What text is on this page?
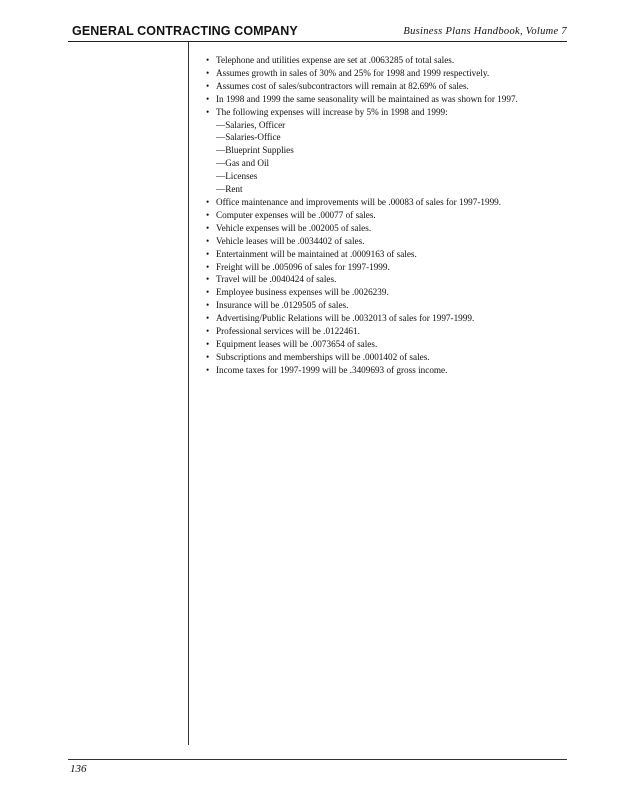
GENERAL CONTRACTING COMPANY	Business Plans Handbook, Volume 7
• Telephone and utilities expense are set at .0063285 of total sales.
• Assumes growth in sales of 30% and 25% for 1998 and 1999 respectively.
• Assumes cost of sales/subcontractors will remain at 82.69% of sales.
• In 1998 and 1999 the same seasonality will be maintained as was shown for 1997.
• The following expenses will increase by 5% in 1998 and 1999:
—Salaries, Officer
—Salaries-Office
—Blueprint Supplies
—Gas and Oil
—Licenses
—Rent
• Office maintenance and improvements will be .00083 of sales for 1997-1999.
• Computer expenses will be .00077 of sales.
• Vehicle expenses will be .002005 of sales.
• Vehicle leases will be .0034402 of sales.
• Entertainment will be maintained at .0009163 of sales.
• Freight will be .005096 of sales for 1997-1999.
• Travel will be .0040424 of sales.
• Employee business expenses will be .0026239.
• Insurance will be .0129505 of sales.
• Advertising/Public Relations will be .0032013 of sales for 1997-1999.
• Professional services will be .0122461.
• Equipment leases will be .0073654 of sales.
• Subscriptions and memberships will be .0001402 of sales.
• Income taxes for 1997-1999 will be .3409693 of gross income.
136
